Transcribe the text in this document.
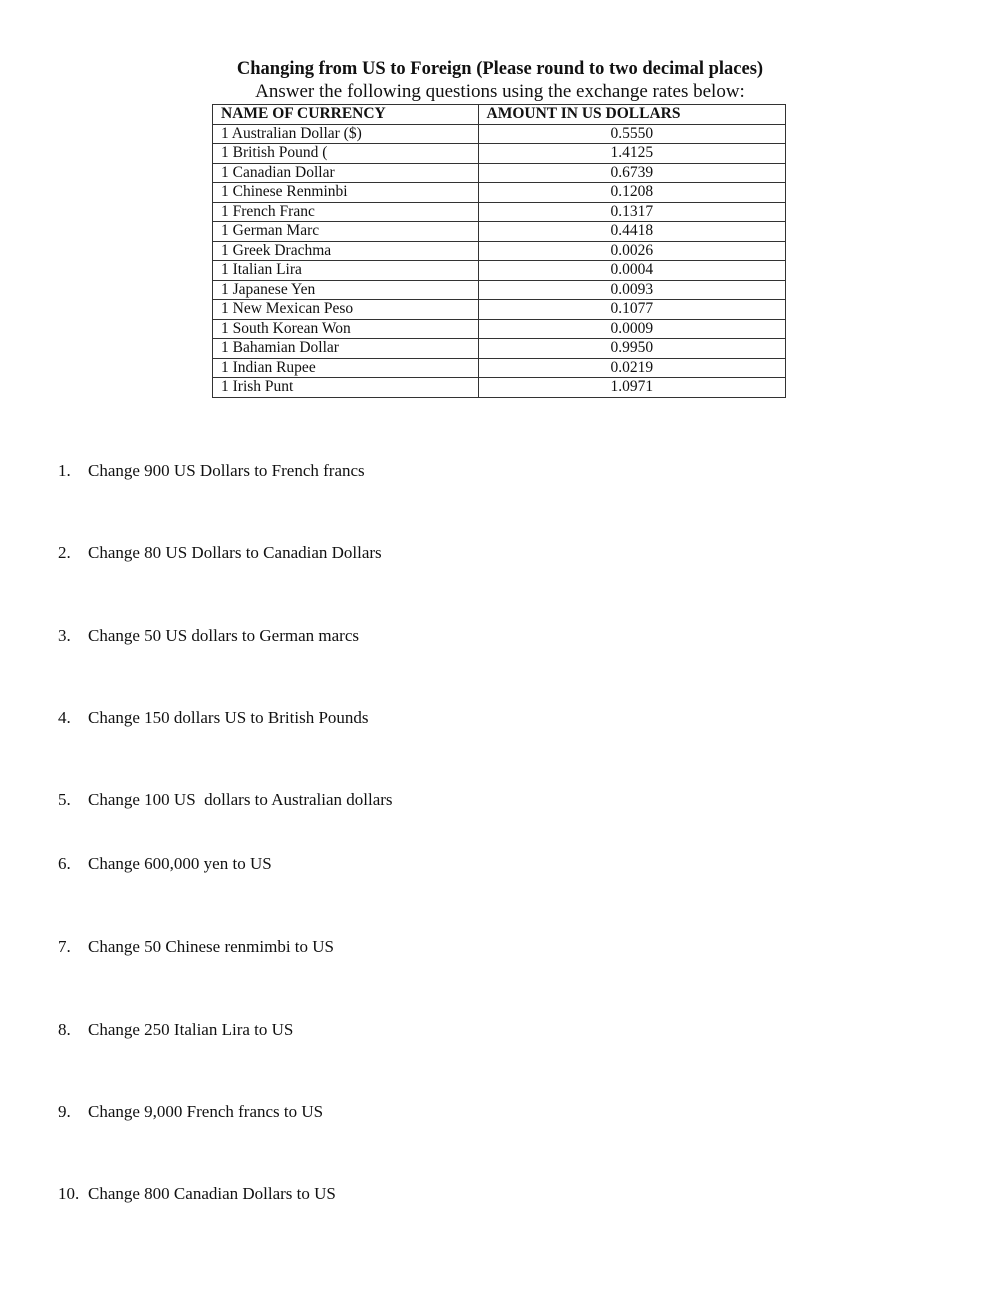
Changing from US to Foreign (Please round to two decimal places)
Answer the following questions using the exchange rates below:
NAME OF CURRENCY	AMOUNT IN US DOLLARS
1 Australian Dollar ($)	0.5550
1 British Pound (	1.4125
1 Canadian Dollar	0.6739
1 Chinese Renminbi	0.1208
1 French Franc	0.1317
1 German Marc	0.4418
1 Greek Drachma	0.0026
1 Italian Lira	0.0004
1 Japanese Yen	0.0093
1 New Mexican Peso	0.1077
1 South Korean Won	0.0009
1 Bahamian Dollar	0.9950
1 Indian Rupee	0.0219
1 Irish Punt	1.0971
1. Change 900 US Dollars to French francs
2. Change 80 US Dollars to Canadian Dollars
3. Change 50 US dollars to German marcs
4. Change 150 dollars US to British Pounds
5. Change 100 US  dollars to Australian dollars
6. Change 600,000 yen to US
7. Change 50 Chinese renmimbi to US
8. Change 250 Italian Lira to US
9. Change 9,000 French francs to US
10. Change 800 Canadian Dollars to US
